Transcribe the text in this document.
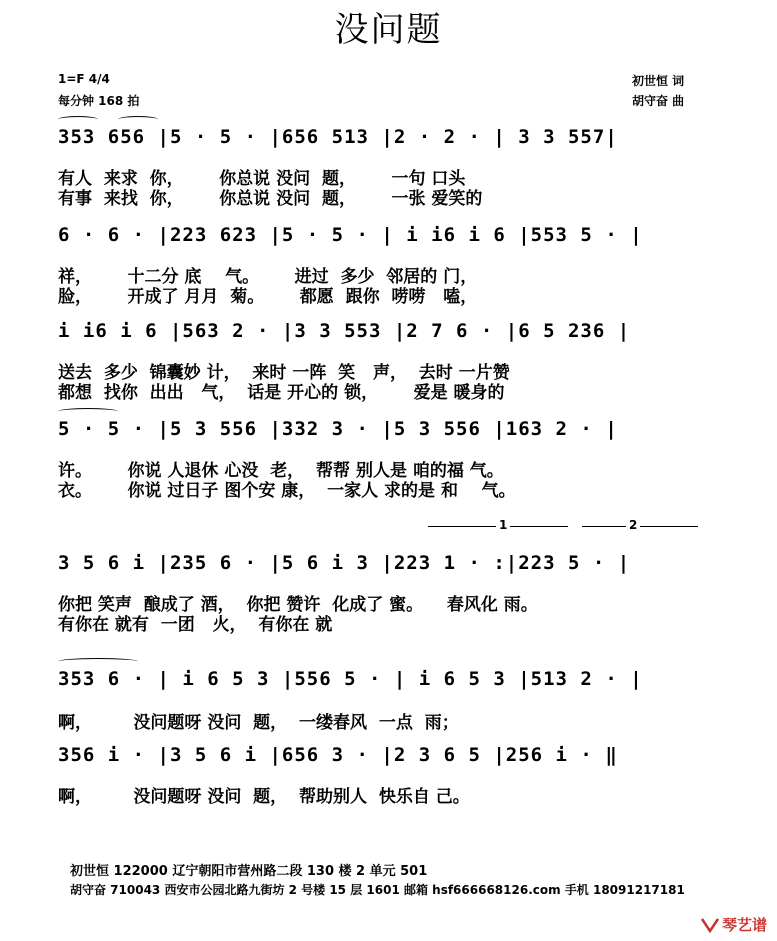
没问题
1=F 4/4
每分钟 168 拍
初世恒 词
胡守奋 曲
353 656 |5 · 5 · |656 513 |2 · 2 · | 3 3 557|
有人  来求  你，      你总说 没问  题，      一句 口头
有事  来找  你，      你总说 没问  题，      一张 爱笑的
6 · 6 · |223 623 |5 · 5 · | i i6 i 6 |553 5 · |
祥，      十二分 底    气。      进过  多少  邻居的 门，
脸，      开成了 月月  菊。      都愿  跟你  唠唠   嗑，
i i6 i 6 |563 2 · |3 3 553 |2 7 6 · |6 5 236 |
送去  多少  锦囊妙 计，  来时 一阵  笑   声，  去时 一片赞
都想  找你  出出   气，  话是 开心的 锁，      爱是 暖身的
5 · 5 · |5 3 556 |332 3 · |5 3 556 |163 2 · |
许。      你说 人退休 心没  老，  帮帮 别人是 咱的福 气。
衣。      你说 过日子 图个安 康，  一家人 求的是 和    气。
1	2
3 5 6 i |235 6 · |5 6 i 3 |223 1 · :|223 5 · |
你把 笑声  酿成了 酒，  你把 赞许  化成了 蜜。    春风化 雨。
有你在 就有  一团   火，  有你在 就
353 6 · | i 6 5 3 |556 5 · | i 6 5 3 |513 2 · |
啊，       没问题呀 没问  题，  一缕春风  一点  雨；
356 i · |3 5 6 i |656 3 · |2 3 6 5 |256 i · ‖
啊，       没问题呀 没问  题，  帮助别人  快乐自 己。
初世恒 122000 辽宁朝阳市营州路二段 130 楼 2 单元 501
胡守奋 710043 西安市公园北路九街坊 2 号楼 15 层 1601 邮箱 hsf666668126.com 手机 18091217181
琴艺谱
